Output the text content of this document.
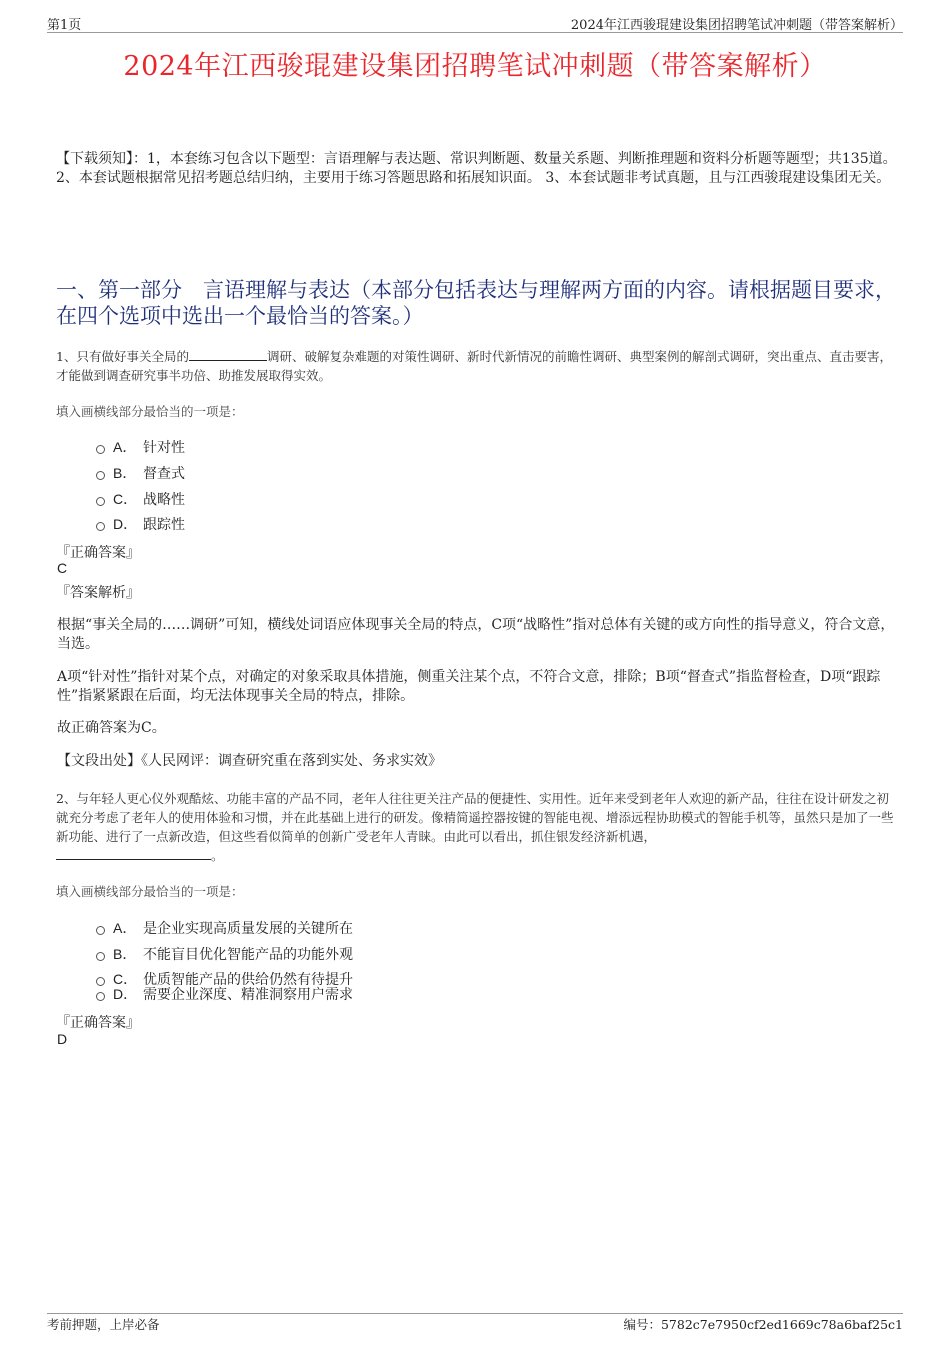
第1页	2024年江西骏琨建设集团招聘笔试冲刺题（带答案解析）
2024年江西骏琨建设集团招聘笔试冲刺题（带答案解析）
【下载须知】：1，本套练习包含以下题型：言语理解与表达题、常识判断题、数量关系题、判断推理题和资料分析题等题型；共135道。 2、本套试题根据常见招考题总结归纳，主要用于练习答题思路和拓展知识面。 3、本套试题非考试真题，且与江西骏琨建设集团无关。
一、第一部分　言语理解与表达（本部分包括表达与理解两方面的内容。请根据题目要求，在四个选项中选出一个最恰当的答案。）
1、只有做好事关全局的	调研、破解复杂难题的对策性调研、新时代新情况的前瞻性调研、典型案例的解剖式调研，突出重点、直击要害，才能做到调查研究事半功倍、助推发展取得实效。
填入画横线部分最恰当的一项是：
A． 针对性
B． 督查式
C． 战略性
D． 跟踪性
『正确答案』
C
『答案解析』
根据“事关全局的……调研”可知，横线处词语应体现事关全局的特点，C项“战略性”指对总体有关键的或方向性的指导意义，符合文意，当选。
A项“针对性”指针对某个点，对确定的对象采取具体措施，侧重关注某个点，不符合文意，排除；B项“督查式”指监督检查，D项“跟踪性”指紧紧跟在后面，均无法体现事关全局的特点，排除。
故正确答案为C。
【文段出处】《人民网评：调查研究重在落到实处、务求实效》
2、与年轻人更心仪外观酷炫、功能丰富的产品不同，老年人往往更关注产品的便捷性、实用性。近年来受到老年人欢迎的新产品，往往在设计研发之初就充分考虑了老年人的使用体验和习惯，并在此基础上进行的研发。像精简遥控器按键的智能电视、增添远程协助模式的智能手机等，虽然只是加了一些新功能、进行了一点新改造，但这些看似简单的创新广受老年人青睐。由此可以看出，抓住银发经济新机遇，
。
填入画横线部分最恰当的一项是：
A． 是企业实现高质量发展的关键所在
B． 不能盲目优化智能产品的功能外观
C． 优质智能产品的供给仍然有待提升
D． 需要企业深度、精准洞察用户需求
『正确答案』
D
考前押题，上岸必备	编号：5782c7e7950cf2ed1669c78a6baf25c1
